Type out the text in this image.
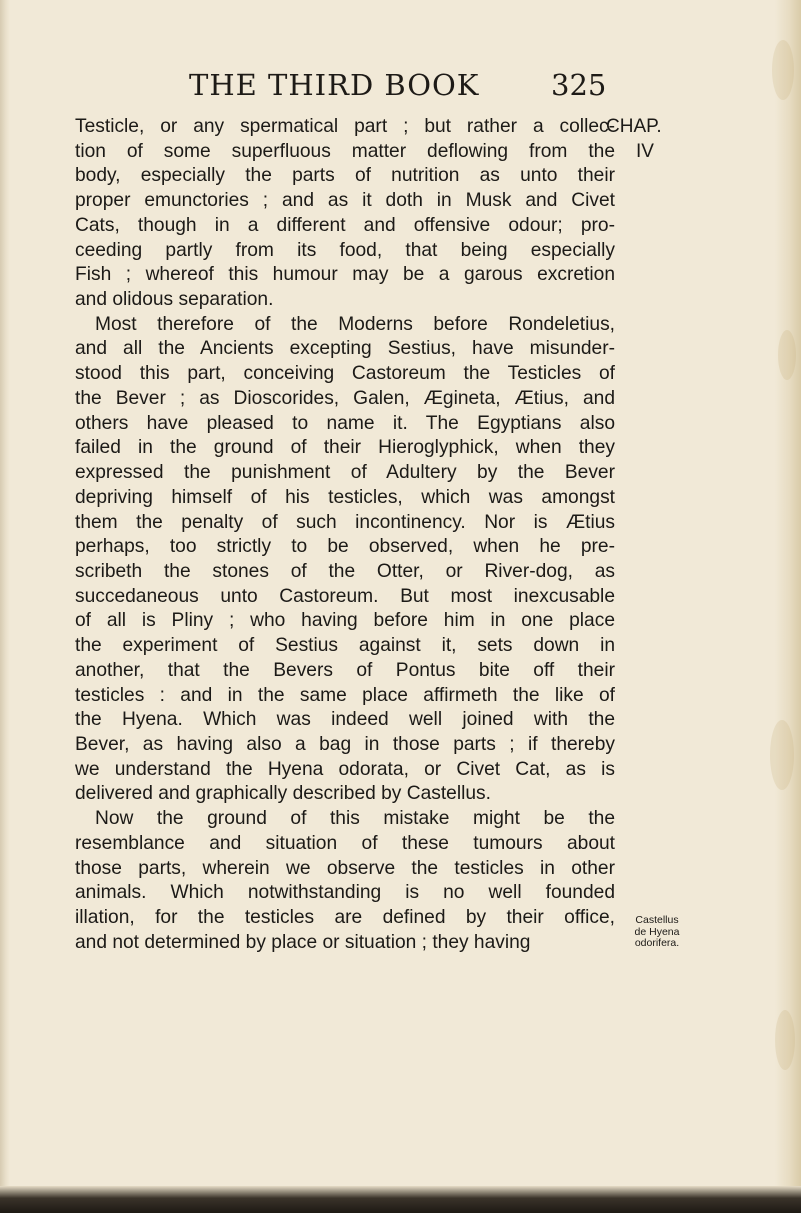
THE THIRD BOOK 325
CHAP.
IV
Testicle, or any spermatical part ; but rather a collec-
tion of some superfluous matter deflowing from the
body, especially the parts of nutrition as unto their
proper emunctories ; and as it doth in Musk and Civet
Cats, though in a different and offensive odour; pro-
ceeding partly from its food, that being especially
Fish ; whereof this humour may be a garous excretion
and olidous separation.
Most therefore of the Moderns before Rondeletius,
and all the Ancients excepting Sestius, have misunder-
stood this part, conceiving Castoreum the Testicles of
the Bever ; as Dioscorides, Galen, Ægineta, Ætius, and
others have pleased to name it. The Egyptians also
failed in the ground of their Hieroglyphick, when they
expressed the punishment of Adultery by the Bever
depriving himself of his testicles, which was amongst
them the penalty of such incontinency. Nor is Ætius
perhaps, too strictly to be observed, when he pre-
scribeth the stones of the Otter, or River-dog, as
succedaneous unto Castoreum. But most inexcusable
of all is Pliny ; who having before him in one place
the experiment of Sestius against it, sets down in
another, that the Bevers of Pontus bite off their
testicles : and in the same place affirmeth the like of
the Hyena. Which was indeed well joined with the
Bever, as having also a bag in those parts ; if thereby
we understand the Hyena odorata, or Civet Cat, as is
delivered and graphically described by Castellus.
Now the ground of this mistake might be the
resemblance and situation of these tumours about
those parts, wherein we observe the testicles in other
animals. Which notwithstanding is no well founded
illation, for the testicles are defined by their office,
and not determined by place or situation ; they having
Castellus
de Hyena
odorifera.
